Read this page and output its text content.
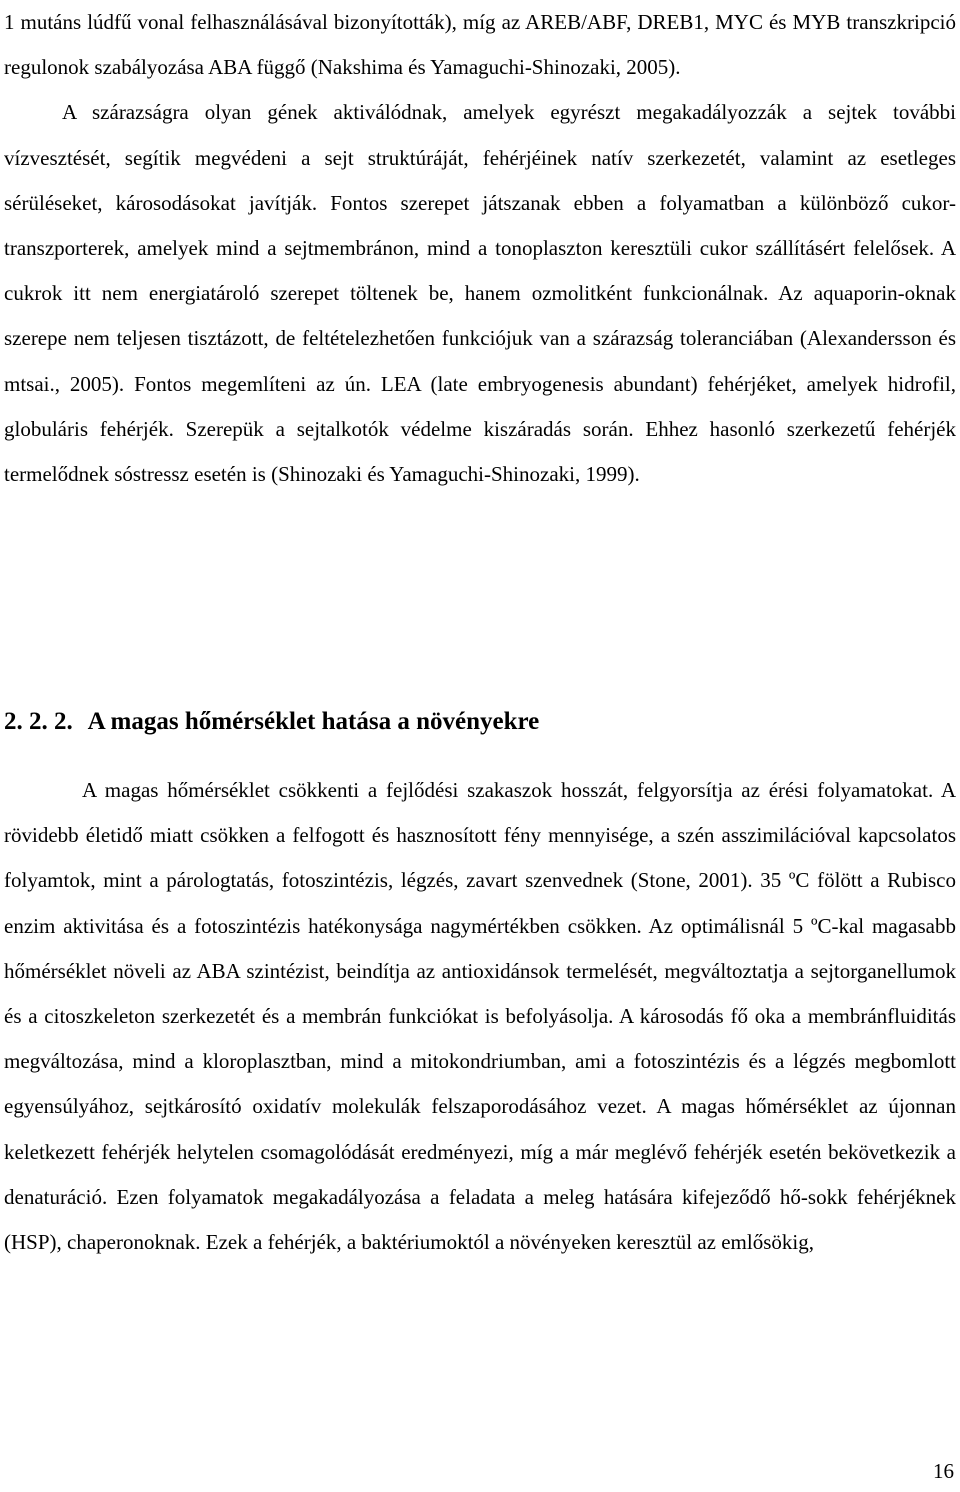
1 mutáns lúdfű vonal felhasználásával bizonyították), míg az AREB/ABF, DREB1, MYC és MYB transzkripció regulonok szabályozása ABA függő (Nakshima és Yamaguchi-Shinozaki, 2005).

A szárazságra olyan gének aktiválódnak, amelyek egyrészt megakadályozzák a sejtek további vízvesztését, segítik megvédeni a sejt struktúráját, fehérjéinek natív szerkezetét, valamint az esetleges sérüléseket, károsodásokat javítják. Fontos szerepet játszanak ebben a folyamatban a különböző cukor-transzporterek, amelyek mind a sejtmembránon, mind a tonoplaszton keresztüli cukor szállításért felelősek. A cukrok itt nem energiatároló szerepet töltenek be, hanem ozmolitként funkcionálnak. Az aquaporin-oknak szerepe nem teljesen tisztázott, de feltételezhetően funkciójuk van a szárazság toleranciában (Alexandersson és mtsai., 2005). Fontos megemlíteni az ún. LEA (late embryogenesis abundant) fehérjéket, amelyek hidrofil, globuláris fehérjék. Szerepük a sejtalkotók védelme kiszáradás során. Ehhez hasonló szerkezetű fehérjék termelődnek sóstressz esetén is (Shinozaki és Yamaguchi-Shinozaki, 1999).

2. 2. 2. A magas hőmérséklet hatása a növényekre

A magas hőmérséklet csökkenti a fejlődési szakaszok hosszát, felgyorsítja az érési folyamatokat. A rövidebb életidő miatt csökken a felfogott és hasznosított fény mennyisége, a szén asszimilációval kapcsolatos folyamtok, mint a párologtatás, fotoszintézis, légzés, zavart szenvednek (Stone, 2001). 35 ºC fölött a Rubisco enzim aktivitása és a fotoszintézis hatékonysága nagymértékben csökken. Az optimálisnál 5 ºC-kal magasabb hőmérséklet növeli az ABA szintézist, beindítja az antioxidánsok termelését, megváltoztatja a sejtorganellumok és a citoszkeleton szerkezetét és a membrán funkciókat is befolyásolja. A károsodás fő oka a membránfluiditás megváltozása, mind a kloroplasztban, mind a mitokondriumban, ami a fotoszintézis és a légzés megbomlott egyensúlyához, sejtkárosító oxidatív molekulák felszaporodásához vezet. A magas hőmérséklet az újonnan keletkezett fehérjék helytelen csomagolódását eredményezi, míg a már meglévő fehérjék esetén bekövetkezik a denaturáció. Ezen folyamatok megakadályozása a feladata a meleg hatására kifejeződő hő-sokk fehérjéknek (HSP), chaperonoknak. Ezek a fehérjék, a baktériumoktól a növényeken keresztül az emlősökig,

16
